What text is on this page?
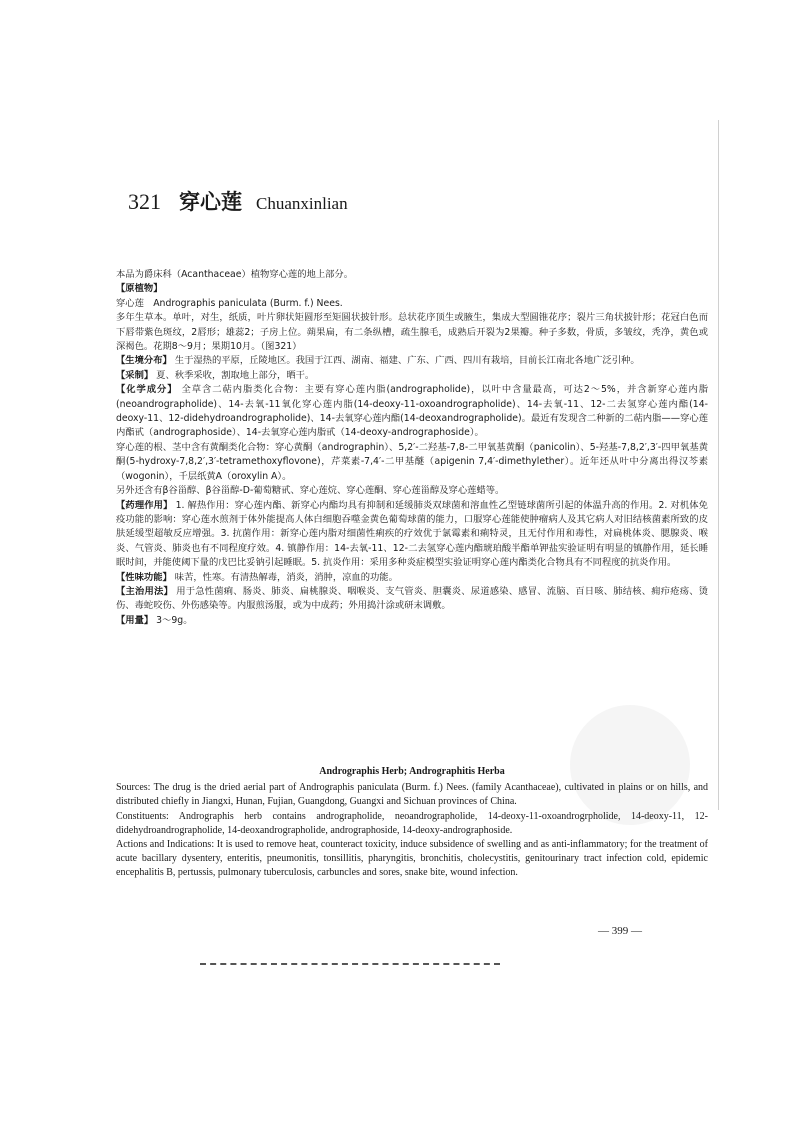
321 穿心莲 Chuanxinlian

本品为爵床科（Acanthaceae）植物穿心莲的地上部分。

【原植物】

穿心莲　Andrographis paniculata (Burm. f.) Nees.

多年生草本。单叶，对生，纸质，叶片卵状矩圆形至矩圆状披针形。总状花序顶生或腋生，集成大型圆锥花序；裂片三角状披针形；花冠白色而下唇带紫色斑纹，2唇形；雄蕊2；子房上位。蒴果扁，有二条纵槽，疏生腺毛，成熟后开裂为2果瓣。种子多数，骨质，多皱纹，秃净，黄色或深褐色。花期8～9月；果期10月。（图321）

【生境分布】 生于湿热的平原，丘陵地区。我国于江西、湖南、福建、广东、广西、四川有栽培，目前长江南北各地广泛引种。

【采制】 夏、秋季采收，割取地上部分，晒干。

【化学成分】 全草含二萜内脂类化合物：主要有穿心莲内脂(andrographolide)，以叶中含量最高，可达2～5%，并含新穿心莲内脂(neoandrographolide)、14-去氧-11氧化穿心莲内脂(14-deoxy-11-oxoandrographolide)、14-去氧-11、12-二去氢穿心莲内酯(14-deoxy-11、12-didehydroandrographolide)、14-去氧穿心莲内酯(14-deoxandrographolide)。最近有发现含二种新的二萜内脂——穿心莲内酯甙（andrographoside）、14-去氧穿心莲内脂甙（14-deoxy-andrographoside）。

穿心莲的根、茎中含有黄酮类化合物：穿心黄酮（andrographin）、5,2′-二羟基-7,8-二甲氧基黄酮（panicolin）、5-羟基-7,8,2′,3′-四甲氧基黄酮(5-hydroxy-7,8,2′,3′-tetramethoxyflovone)，芹菜素-7,4′-二甲基醚（apigenin 7,4′-dimethylether）。近年还从叶中分离出得汉芩素（wogonin），千层纸黄A（oroxylin A）。

另外还含有β谷甾醇、β谷甾醇-D-葡萄糖甙、穿心莲烷、穿心莲酮、穿心莲甾醇及穿心莲蜡等。

【药理作用】 1. 解热作用：穿心莲内酯、新穿心内酯均具有抑制和延缓肺炎双球菌和溶血性乙型链球菌所引起的体温升高的作用。2. 对机体免疫功能的影响：穿心莲水煎剂于体外能提高人体白细胞吞噬金黄色葡萄球菌的能力，口服穿心莲能使肿瘤病人及其它病人对旧结核菌素所致的皮肤延缓型超敏反应增强。3. 抗菌作用：新穿心莲内脂对细菌性痢疾的疗效优于氯霉素和痢特灵，且无付作用和毒性，对扁桃体炎、腮腺炎、喉炎、气管炎、肺炎也有不同程度疗效。4. 镇静作用：14-去氧-11、12-二去氢穿心莲内酯琥珀酸半酯单钾盐实验证明有明显的镇静作用，延长睡眠时间，并能使阈下量的戊巴比妥钠引起睡眠。5. 抗炎作用：采用多种炎症模型实验证明穿心莲内酯类化合物具有不同程度的抗炎作用。

【性味功能】 味苦，性寒。有清热解毒，消炎，消肿，凉血的功能。

【主治用法】 用于急性菌痢、肠炎、肺炎、扁桃腺炎、咽喉炎、支气管炎、胆囊炎、尿道感染、感冒、流脑、百日咳、肺结核、痈疖疮疡、烫伤、毒蛇咬伤、外伤感染等。内服煎汤服，或为中成药；外用捣汁涂或研末调敷。

【用量】 3～9g。

Andrographis Herb; Andrographitis Herba

Sources: The drug is the dried aerial part of Andrographis paniculata (Burm. f.) Nees. (family Acanthaceae), cultivated in plains or on hills, and distributed chiefly in Jiangxi, Hunan, Fujian, Guangdong, Guangxi and Sichuan provinces of China.

Constituents: Andrographis herb contains andrographolide, neoandrographolide, 14-deoxy-11-oxoandrogrpholide, 14-deoxy-11, 12-didehydroandrographolide, 14-deoxandrographolide, andrographoside, 14-deoxy-andrographoside.

Actions and Indications: It is used to remove heat, counteract toxicity, induce subsidence of swelling and as anti-inflammatory; for the treatment of acute bacillary dysentery, enteritis, pneumonitis, tonsillitis, pharyngitis, bronchitis, cholecystitis, genitourinary tract infection cold, epidemic encephalitis B, pertussis, pulmonary tuberculosis, carbuncles and sores, snake bite, wound infection.

— 399 —
